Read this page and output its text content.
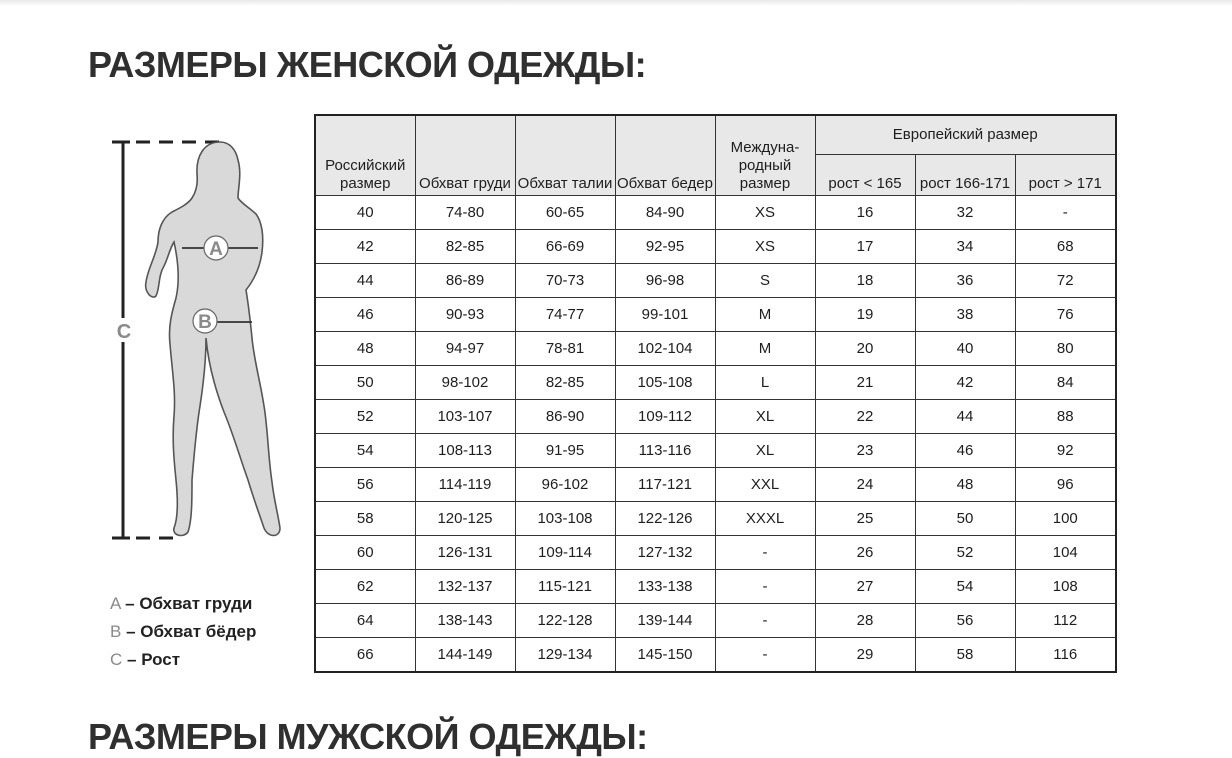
РАЗМЕРЫ ЖЕНСКОЙ ОДЕЖДЫ:
A
B
C
A – Обхват груди
B – Обхват бёдер
C – Рост
Российский размер	Обхват груди	Обхват талии	Обхват бедер	Междуна-родный размер	Европейский размер		
					рост < 165	рост 166-171	рост > 171
40	74-80	60-65	84-90	XS	16	32	-
42	82-85	66-69	92-95	XS	17	34	68
44	86-89	70-73	96-98	S	18	36	72
46	90-93	74-77	99-101	M	19	38	76
48	94-97	78-81	102-104	M	20	40	80
50	98-102	82-85	105-108	L	21	42	84
52	103-107	86-90	109-112	XL	22	44	88
54	108-113	91-95	113-116	XL	23	46	92
56	114-119	96-102	117-121	XXL	24	48	96
58	120-125	103-108	122-126	XXXL	25	50	100
60	126-131	109-114	127-132	-	26	52	104
62	132-137	115-121	133-138	-	27	54	108
64	138-143	122-128	139-144	-	28	56	112
66	144-149	129-134	145-150	-	29	58	116
РАЗМЕРЫ МУЖСКОЙ ОДЕЖДЫ:
